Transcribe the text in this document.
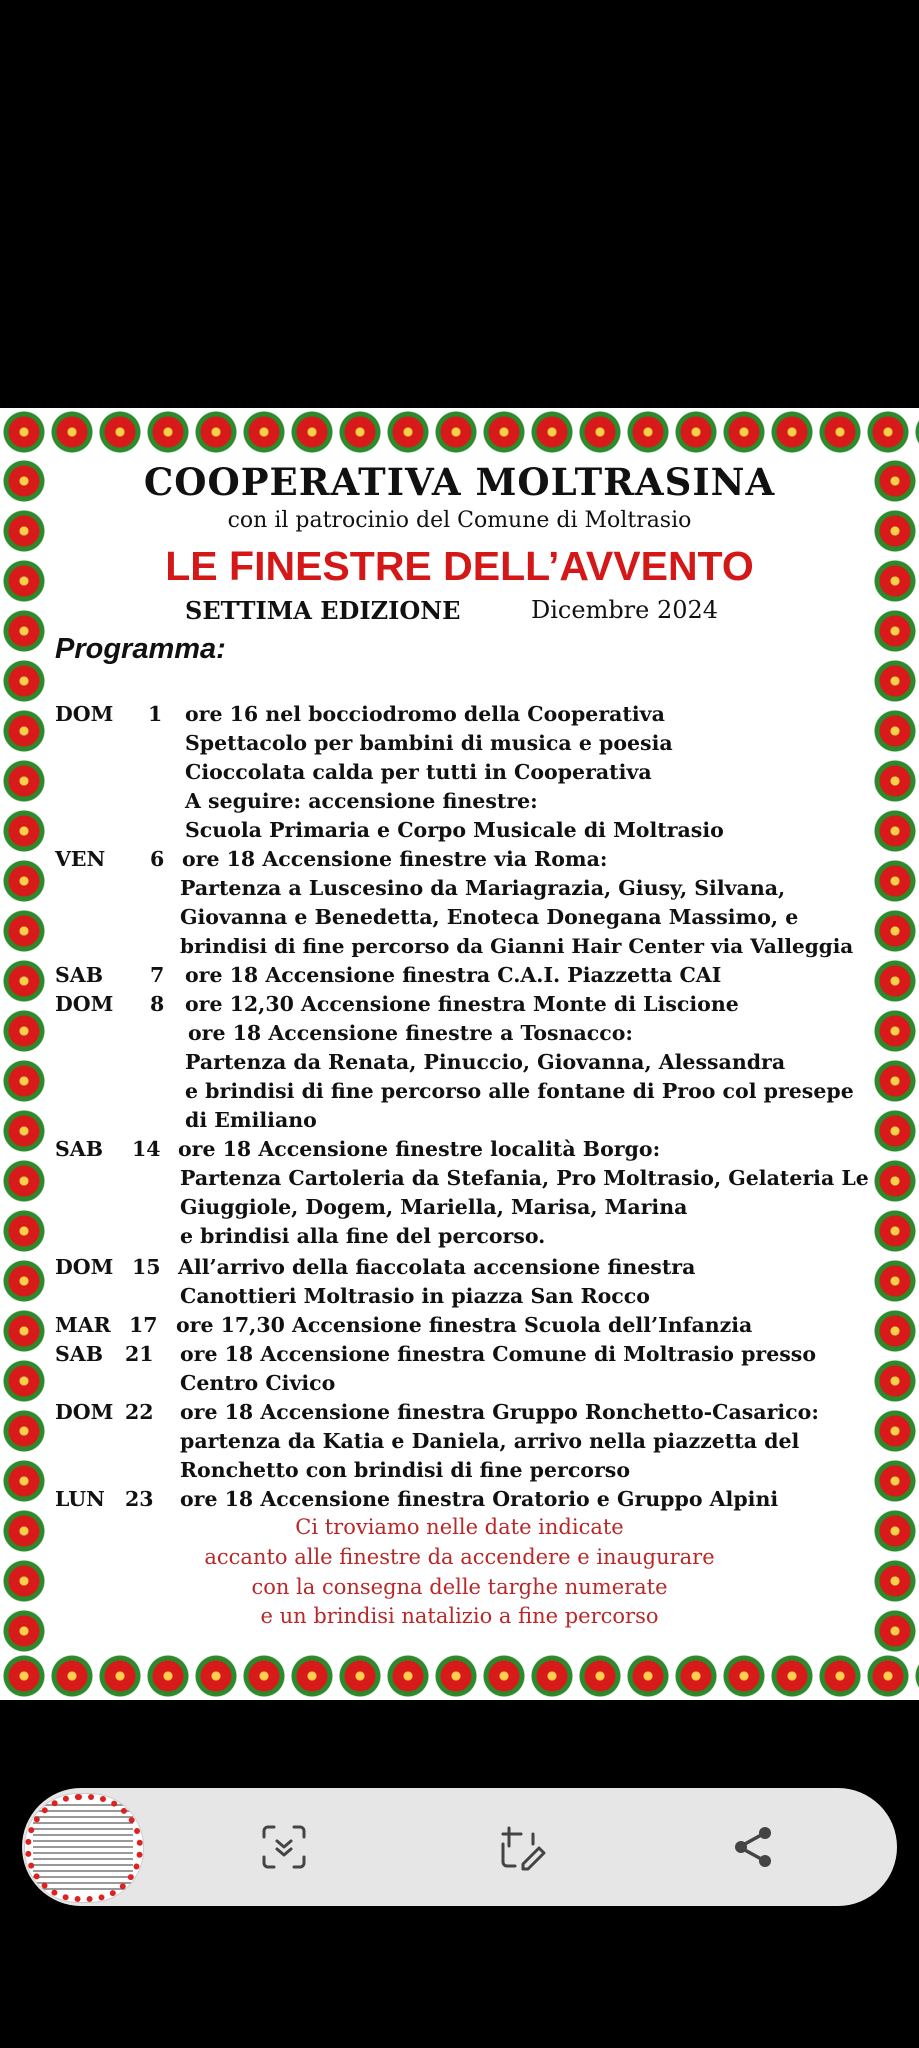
COOPERATIVA MOLTRASINA
con il patrocinio del Comune di Moltrasio
LE FINESTRE DELL’AVVENTO
SETTIMA EDIZIONE	Dicembre 2024
Programma:
DOM 1 ore 16 nel bocciodromo della Cooperativa
Spettacolo per bambini di musica e poesia
Cioccolata calda per tutti in Cooperativa
A seguire: accensione finestre:
Scuola Primaria e Corpo Musicale di Moltrasio
VEN 6 ore 18 Accensione finestre via Roma:
Partenza a Luscesino da Mariagrazia, Giusy, Silvana,
Giovanna e Benedetta, Enoteca Donegana Massimo, e
brindisi di fine percorso da Gianni Hair Center via Valleggia
SAB 7 ore 18 Accensione finestra C.A.I. Piazzetta CAI
DOM 8 ore 12,30 Accensione finestra Monte di Liscione
ore 18 Accensione finestre a Tosnacco:
Partenza da Renata, Pinuccio, Giovanna, Alessandra
e brindisi di fine percorso alle fontane di Proo col presepe
di Emiliano
SAB 14 ore 18 Accensione finestre località Borgo:
Partenza Cartoleria da Stefania, Pro Moltrasio, Gelateria Le
Giuggiole, Dogem, Mariella, Marisa, Marina
e brindisi alla fine del percorso.
DOM 15 All’arrivo della fiaccolata accensione finestra
Canottieri Moltrasio in piazza San Rocco
MAR 17 ore 17,30 Accensione finestra Scuola dell’Infanzia
SAB 21 ore 18 Accensione finestra Comune di Moltrasio presso
Centro Civico
DOM 22 ore 18 Accensione finestra Gruppo Ronchetto-Casarico:
partenza da Katia e Daniela, arrivo nella piazzetta del
Ronchetto con brindisi di fine percorso
LUN 23 ore 18 Accensione finestra Oratorio e Gruppo Alpini
Ci troviamo nelle date indicate
accanto alle finestre da accendere e inaugurare
con la consegna delle targhe numerate
e un brindisi natalizio a fine percorso
